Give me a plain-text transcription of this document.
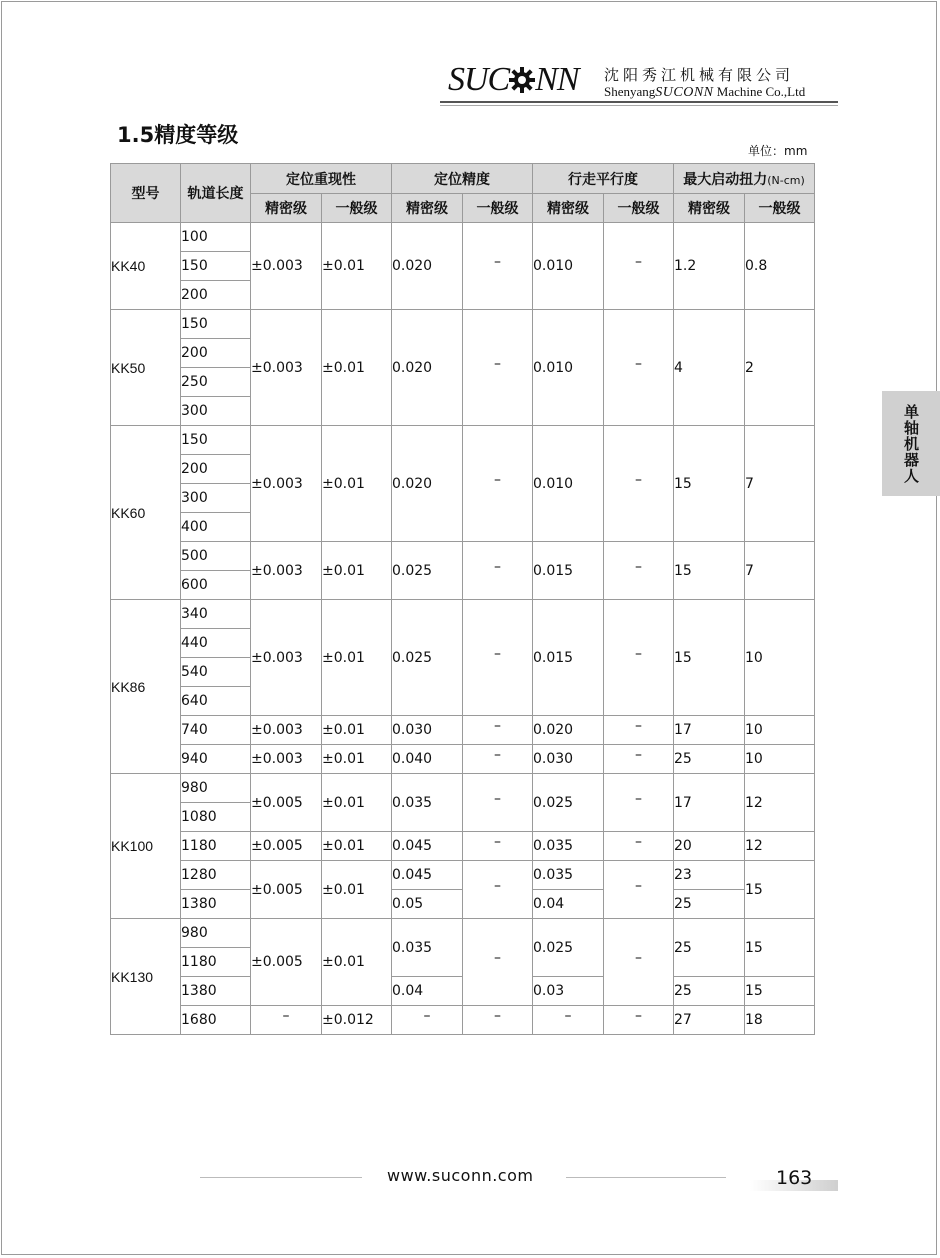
SUC NN 沈阳秀江机械有限公司
ShenyangSUCONN Machine Co.,Ltd
1.5精度等级
单位：mm
单轴机器人
型号	轨道长度	定位重现性		定位精度		行走平行度		最大启动扭力(N-cm)	
		精密级	一般级	精密级	一般级	精密级	一般级	精密级	一般级
KK40	100	±0.003	±0.01	0.020	–	0.010	–	1.2	0.8
	150								
	200								
KK50	150	±0.003	±0.01	0.020	–	0.010	–	4	2
	200								
	250								
	300								
KK60	150	±0.003	±0.01	0.020	–	0.010	–	15	7
	200								
	300								
	400								
	500	±0.003	±0.01	0.025	–	0.015	–	15	7
	600								
KK86	340	±0.003	±0.01	0.025	–	0.015	–	15	10
	440								
	540								
	640								
	740	±0.003	±0.01	0.030	–	0.020	–	17	10
	940	±0.003	±0.01	0.040	–	0.030	–	25	10
KK100	980	±0.005	±0.01	0.035	–	0.025	–	17	12
	1080								
	1180	±0.005	±0.01	0.045	–	0.035	–	20	12
	1280	±0.005	±0.01	0.045	–	0.035	–	23	15
	1380			0.05		0.04		25	
KK130	980	±0.005	±0.01	0.035	–	0.025	–	25	15
	1180								
	1380			0.04		0.03		25	15
	1680	–	±0.012	–	–	–	–	27	18
www.suconn.com	163
